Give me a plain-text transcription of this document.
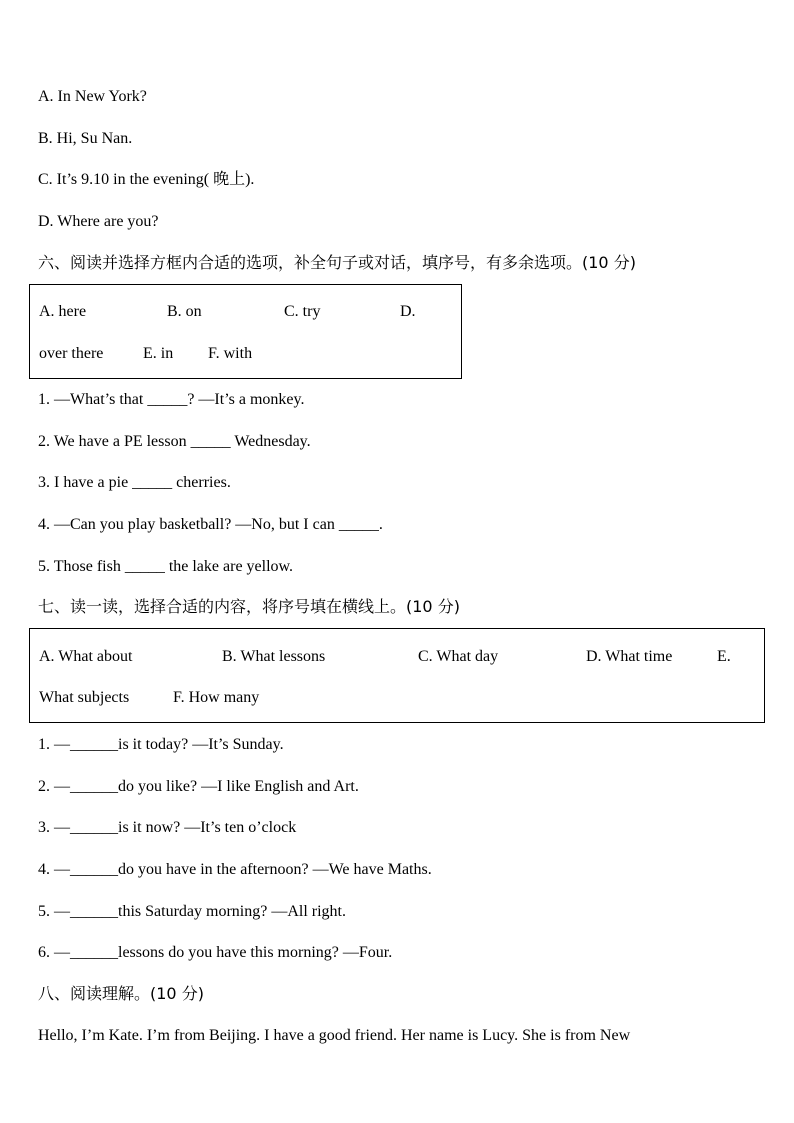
A. In New York?
B. Hi, Su Nan.
C. It’s 9.10 in the evening( 晚上).
D. Where are you?
六、阅读并选择方框内合适的选项，补全句子或对话，填序号，有多余选项。(10 分)
A. here	B. on	C. try	D.
over there E. in F. with
1. —What’s that _____? —It’s a monkey.
2. We have a PE lesson _____ Wednesday.
3. I have a pie _____ cherries.
4. —Can you play basketball? —No, but I can _____.
5. Those fish _____ the lake are yellow.
七、读一读，选择合适的内容，将序号填在横线上。(10 分)
A. What about	B. What lessons	C. What day	D. What time	E.
What subjects	F. How many
1. —______is it today? —It’s Sunday.
2. —______do you like? —I like English and Art.
3. —______is it now? —It’s ten o’clock
4. —______do you have in the afternoon? —We have Maths.
5. —______this Saturday morning? —All right.
6. —______lessons do you have this morning? —Four.
八、阅读理解。(10 分)
Hello, I’m Kate. I’m from Beijing. I have a good friend. Her name is Lucy. She is from New
